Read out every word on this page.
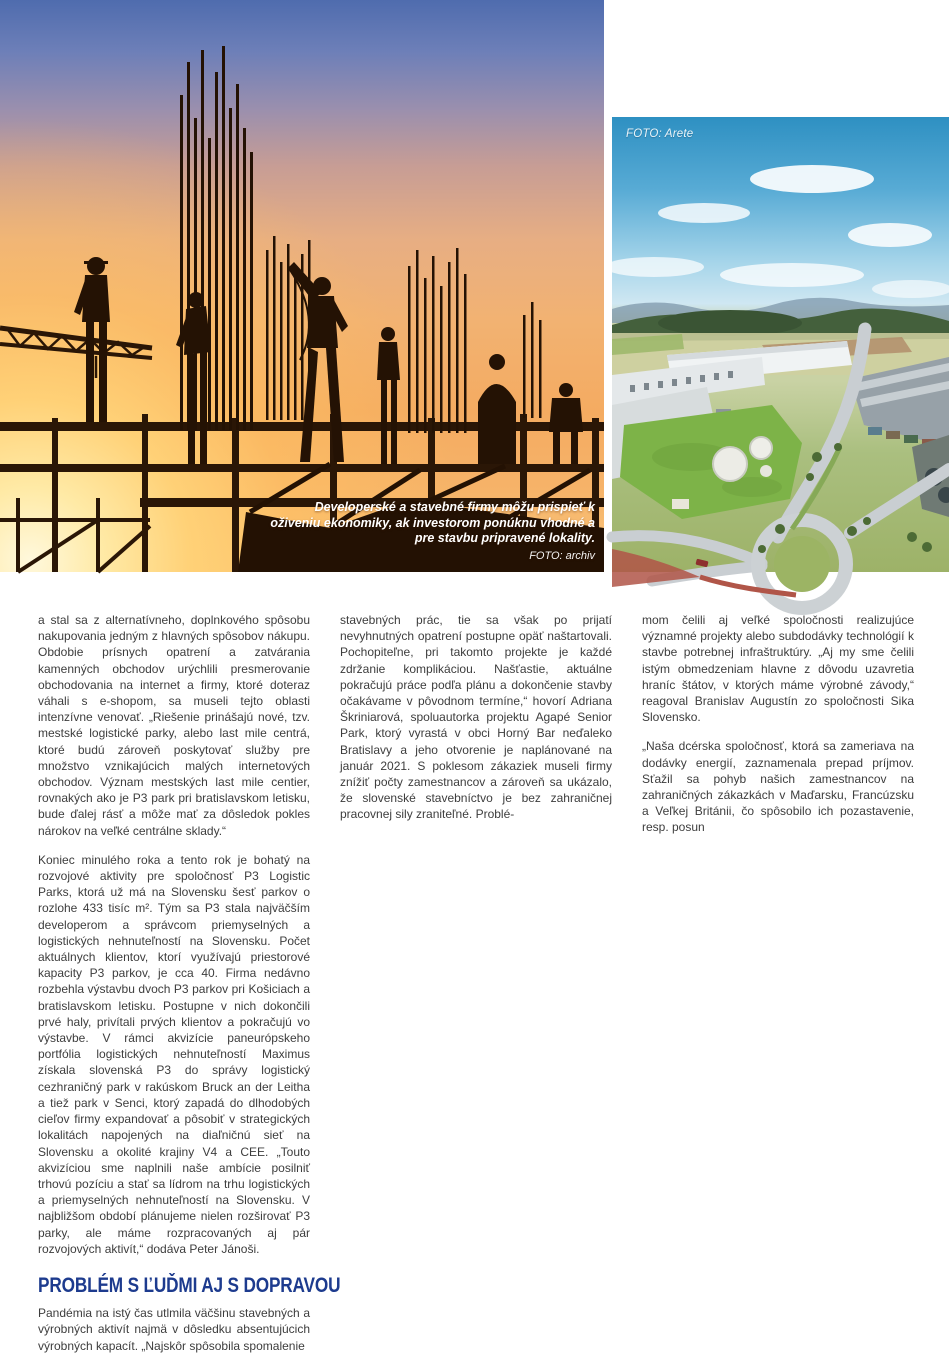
Developerské a stavebné firmy môžu prispieť k oživeniu ekonomiky, ak investorom ponúknu vhodné a pre stavbu pripravené lokality.
FOTO: archiv
FOTO: Arete

a stal sa z alternatívneho, doplnkového spôsobu nakupovania jedným z hlavných spôsobov nákupu. Obdobie prísnych opatrení a zatvárania kamenných obchodov urýchlili presmerovanie obchodovania na internet a firmy, ktoré doteraz váhali s e-shopom, sa museli tejto oblasti intenzívne venovať. „Riešenie prinášajú nové, tzv. mestské logistické parky, alebo last mile centrá, ktoré budú zároveň poskytovať služby pre množstvo vznikajúcich malých internetových obchodov. Význam mestských last mile centier, rovnakých ako je P3 park pri bratislavskom letisku, bude ďalej rásť a môže mať za dôsledok pokles nárokov na veľké centrálne sklady.“

Koniec minulého roka a tento rok je bohatý na rozvojové aktivity pre spoločnosť P3 Logistic Parks, ktorá už má na Slovensku šesť parkov o rozlohe 433 tisíc m². Tým sa P3 stala najväčším developerom a správcom priemyselných a logistických nehnuteľností na Slovensku. Počet aktuálnych klientov, ktorí využívajú priestorové kapacity P3 parkov, je cca 40. Firma nedávno rozbehla výstavbu dvoch P3 parkov pri Košiciach a bratislavskom letisku. Postupne v nich dokončili prvé haly, privítali prvých klientov a pokračujú vo výstavbe. V rámci akvizície paneurópskeho portfólia logistických nehnuteľností Maximus získala slovenská P3 do správy logistický cezhraničný park v rakúskom Bruck an der Leitha a tiež park v Senci, ktorý zapadá do dlhodobých cieľov firmy expandovať a pôsobiť v strategických lokalitách napojených na diaľničnú sieť na Slovensku a okolité krajiny V4 a CEE. „Touto akvizíciou sme naplnili naše ambície posilniť trhovú pozíciu a stať sa lídrom na trhu logistických a priemyselných nehnuteľností na Slovensku. V najbližšom období plánujeme nielen rozširovať P3 parky, ale máme rozpracovaných aj pár rozvojových aktivít,“ dodáva Peter Jánoši.

PROBLÉM S ĽUĎMI AJ S DOPRAVOU

Pandémia na istý čas utlmila väčšinu stavebných a výrobných aktivít najmä v dôsledku absentujúcich výrobných kapacít. „Najskôr spôsobila spomalenie

stavebných prác, tie sa však po prijatí nevyhnutných opatrení postupne opäť naštartovali. Pochopiteľne, pri takomto projekte je každé zdržanie komplikáciou. Našťastie, aktuálne pokračujú práce podľa plánu a dokončenie stavby očakávame v pôvodnom termíne,“ hovorí Adriana Škriniarová, spoluautorka projektu Agapé Senior Park, ktorý vyrastá v obci Horný Bar neďaleko Bratislavy a jeho otvorenie je naplánované na január 2021. S poklesom zákaziek museli firmy znížiť počty zamestnancov a zároveň sa ukázalo, že slovenské stavebníctvo je bez zahraničnej pracovnej sily zraniteľné. Problé-

mom čelili aj veľké spoločnosti realizujúce významné projekty alebo subdodávky technológií k stavbe potrebnej infraštruktúry. „Aj my sme čelili istým obmedzeniam hlavne z dôvodu uzavretia hraníc štátov, v ktorých máme výrobné závody,“ reagoval Branislav Augustín zo spoločnosti Sika Slovensko.

„Naša dcérska spoločnosť, ktorá sa zameriava na dodávky energií, zaznamenala prepad príjmov. Sťažil sa pohyb našich zamestnancov na zahraničných zákazkách v Maďarsku, Francúzsku a Veľkej Británii, čo spôsobilo ich pozastavenie, resp. posun
